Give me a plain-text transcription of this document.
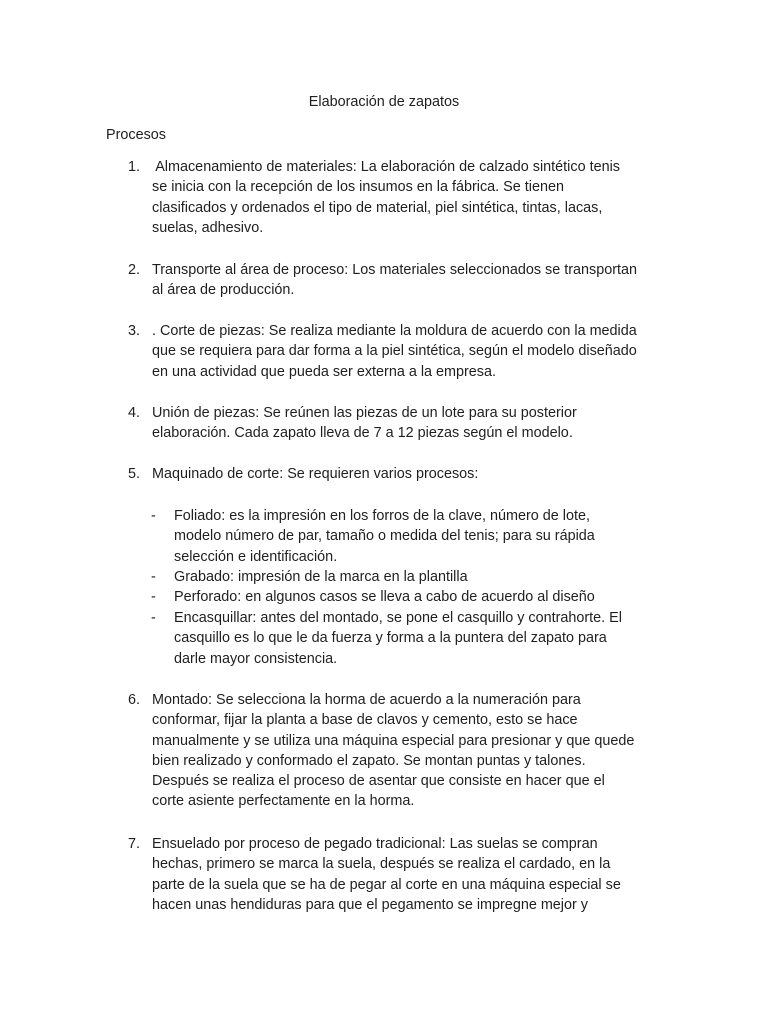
Elaboración de zapatos
Procesos
1. Almacenamiento de materiales: La elaboración de calzado sintético tenis
se inicia con la recepción de los insumos en la fábrica. Se tienen
clasificados y ordenados el tipo de material, piel sintética, tintas, lacas,
suelas, adhesivo.
2. Transporte al área de proceso: Los materiales seleccionados se transportan
al área de producción.
3. . Corte de piezas: Se realiza mediante la moldura de acuerdo con la medida
que se requiera para dar forma a la piel sintética, según el modelo diseñado
en una actividad que pueda ser externa a la empresa.
4. Unión de piezas: Se reúnen las piezas de un lote para su posterior
elaboración. Cada zapato lleva de 7 a 12 piezas según el modelo.
5. Maquinado de corte: Se requieren varios procesos:
-	Foliado: es la impresión en los forros de la clave, número de lote,
modelo número de par, tamaño o medida del tenis; para su rápida
selección e identificación.
-	Grabado: impresión de la marca en la plantilla
-	Perforado: en algunos casos se lleva a cabo de acuerdo al diseño
-	Encasquillar: antes del montado, se pone el casquillo y contrahorte. El
casquillo es lo que le da fuerza y forma a la puntera del zapato para
darle mayor consistencia.
6. Montado: Se selecciona la horma de acuerdo a la numeración para
conformar, fijar la planta a base de clavos y cemento, esto se hace
manualmente y se utiliza una máquina especial para presionar y que quede
bien realizado y conformado el zapato. Se montan puntas y talones.
Después se realiza el proceso de asentar que consiste en hacer que el
corte asiente perfectamente en la horma.
7. Ensuelado por proceso de pegado tradicional: Las suelas se compran
hechas, primero se marca la suela, después se realiza el cardado, en la
parte de la suela que se ha de pegar al corte en una máquina especial se
hacen unas hendiduras para que el pegamento se impregne mejor y
